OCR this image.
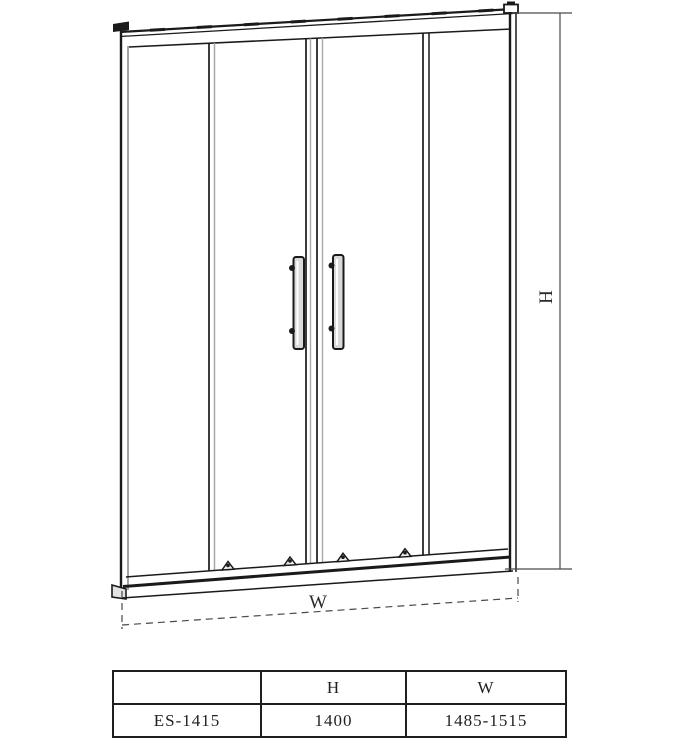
H
W
	H	W
ES-1415	1400	1485-1515
